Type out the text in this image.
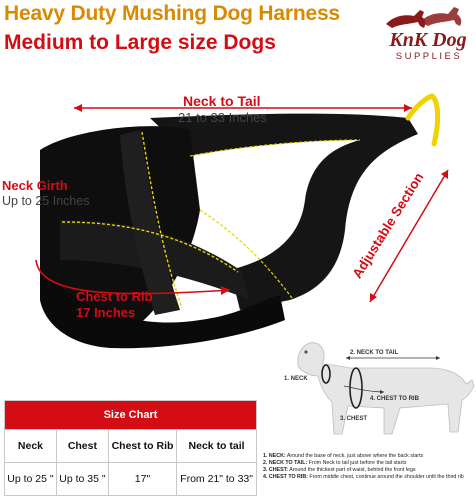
Heavy Duty Mushing Dog Harness
Medium to Large size Dogs	KnK Dog
SUPPLIES
Neck to Tail
21 to 33 Inches
Neck Girth
Up to 25 Inches
Chest to Rib
17 Inches
Adjustable Section
2. NECK TO TAIL
1. NECK
4. CHEST TO RIB
3. CHEST
Size Chart			
Neck	Chest	Chest to Rib	Neck to tail
Up to 25 "	Up to 35 "	17"	From 21" to 33"
1. NECK: Around the base of neck, just above where the back starts
2. NECK TO TAIL: From Neck to tail just before the tail starts
3. CHEST: Around the thickest part of waist, behind the front legs
4. CHEST TO RIB: From middle chest, continue around the shoulder until the third rib
